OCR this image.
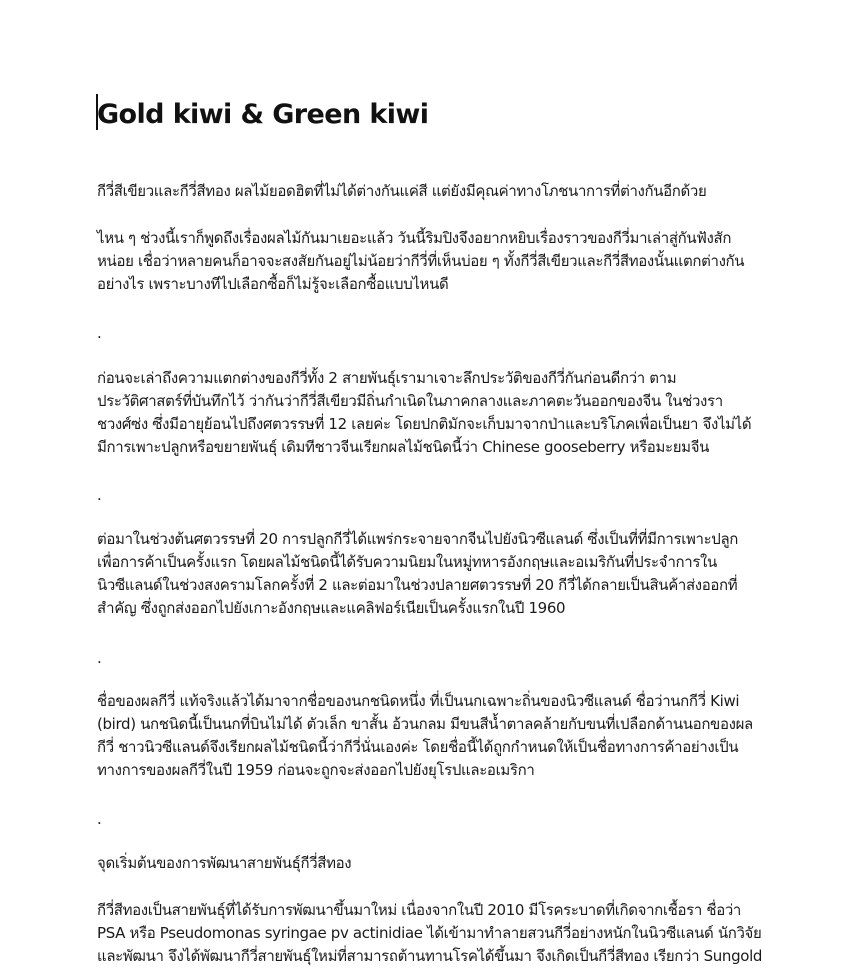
Gold kiwi & Green kiwi

กีวี่สีเขียวและกีวี่สีทอง ผลไม้ยอดฮิตที่ไม่ได้ต่างกันแค่สี แต่ยังมีคุณค่าทางโภชนาการที่ต่างกันอีกด้วย

ไหน ๆ ช่วงนี้เราก็พูดถึงเรื่องผลไม้กันมาเยอะแล้ว วันนี้ริมปิงจึงอยากหยิบเรื่องราวของกีวี่มาเล่าสู่กันฟังสัก
หน่อย เชื่อว่าหลายคนก็อาจจะสงสัยกันอยู่ไม่น้อยว่ากีวี่ที่เห็นบ่อย ๆ ทั้งกีวี่สีเขียวและกีวี่สีทองนั้นแตกต่างกัน
อย่างไร เพราะบางทีไปเลือกซื้อก็ไม่รู้จะเลือกซื้อแบบไหนดี

.

ก่อนจะเล่าถึงความแตกต่างของกีวี่ทั้ง 2 สายพันธุ์เรามาเจาะลึกประวัติของกีวี่กันก่อนดีกว่า ตาม
ประวัติศาสตร์ที่บันทึกไว้ ว่ากันว่ากีวี่สีเขียวมีถิ่นกำเนิดในภาคกลางและภาคตะวันออกของจีน ในช่วงรา
ชวงศ์ซ่ง ซึ่งมีอายุย้อนไปถึงศตวรรษที่ 12 เลยค่ะ โดยปกติมักจะเก็บมาจากป่าและบริโภคเพื่อเป็นยา จึงไม่ได้
มีการเพาะปลูกหรือขยายพันธุ์ เดิมทีชาวจีนเรียกผลไม้ชนิดนี้ว่า Chinese gooseberry หรือมะยมจีน

.

ต่อมาในช่วงต้นศตวรรษที่ 20 การปลูกกีวี่ได้แพร่กระจายจากจีนไปยังนิวซีแลนด์ ซึ่งเป็นที่ที่มีการเพาะปลูก
เพื่อการค้าเป็นครั้งแรก โดยผลไม้ชนิดนี้ได้รับความนิยมในหมู่ทหารอังกฤษและอเมริกันที่ประจำการใน
นิวซีแลนด์ในช่วงสงครามโลกครั้งที่ 2 และต่อมาในช่วงปลายศตวรรษที่ 20 กีวี่ได้กลายเป็นสินค้าส่งออกที่
สำคัญ ซึ่งถูกส่งออกไปยังเกาะอังกฤษและแคลิฟอร์เนียเป็นครั้งแรกในปี 1960

.

ชื่อของผลกีวี่ แท้จริงแล้วได้มาจากชื่อของนกชนิดหนึ่ง ที่เป็นนกเฉพาะถิ่นของนิวซีแลนด์ ชื่อว่านกกีวี่ Kiwi
(bird) นกชนิดนี้เป็นนกที่บินไม่ได้ ตัวเล็ก ขาสั้น อ้วนกลม มีขนสีน้ำตาลคล้ายกับขนที่เปลือกด้านนอกของผล
กีวี่ ชาวนิวซีแลนด์จึงเรียกผลไม้ชนิดนี้ว่ากีวี่นั่นเองค่ะ โดยชื่อนี้ได้ถูกกำหนดให้เป็นชื่อทางการค้าอย่างเป็น
ทางการของผลกีวี่ในปี 1959 ก่อนจะถูกจะส่งออกไปยังยุโรปและอเมริกา

.

จุดเริ่มต้นของการพัฒนาสายพันธุ์กีวี่สีทอง

กีวี่สีทองเป็นสายพันธุ์ที่ได้รับการพัฒนาขึ้นมาใหม่ เนื่องจากในปี 2010 มีโรคระบาดที่เกิดจากเชื้อรา ชื่อว่า
PSA หรือ Pseudomonas syringae pv actinidiae ได้เข้ามาทำลายสวนกีวี่อย่างหนักในนิวซีแลนด์ นักวิจัย
และพัฒนา จึงได้พัฒนากีวี่สายพันธุ์ใหม่ที่สามารถต้านทานโรคได้ขึ้นมา จึงเกิดเป็นกีวี่สีทอง เรียกว่า Sungold
